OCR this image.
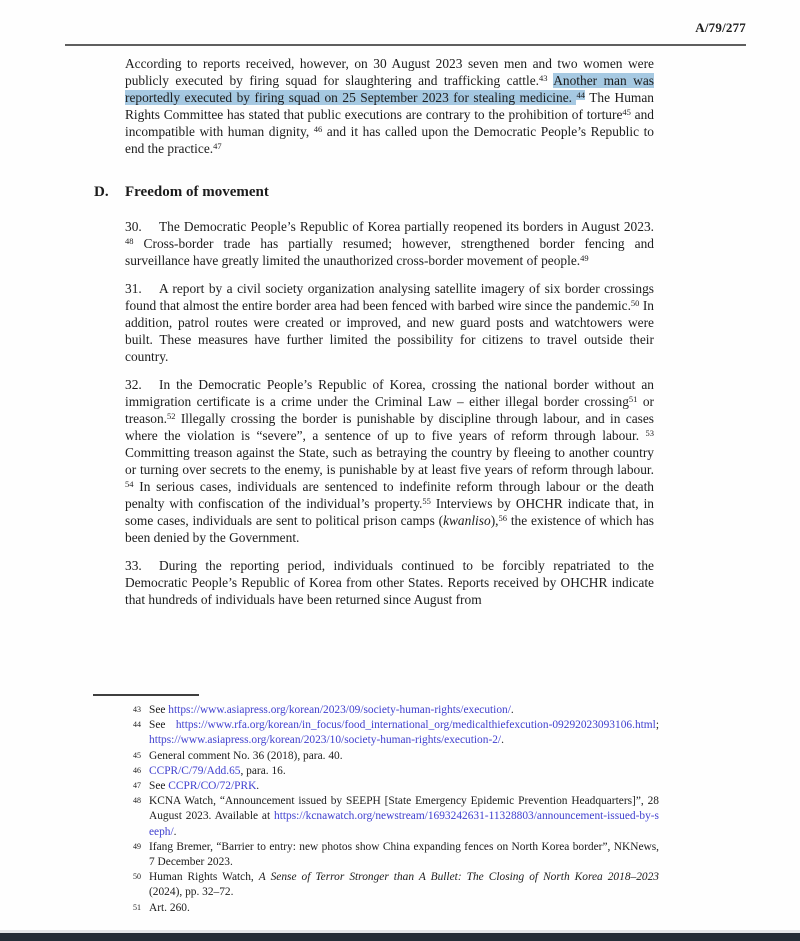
A/79/277

According to reports received, however, on 30 August 2023 seven men and two women were publicly executed by firing squad for slaughtering and trafficking cattle.$^{43}$ Another man was reportedly executed by firing squad on 25 September 2023 for stealing medicine. $^{44}$ The Human Rights Committee has stated that public executions are contrary to the prohibition of torture$^{45}$ and incompatible with human dignity, $^{46}$ and it has called upon the Democratic People’s Republic to end the practice.$^{47}$

D. Freedom of movement

30. The Democratic People’s Republic of Korea partially reopened its borders in August 2023. $^{48}$ Cross-border trade has partially resumed; however, strengthened border fencing and surveillance have greatly limited the unauthorized cross-border movement of people.$^{49}$

31. A report by a civil society organization analysing satellite imagery of six border crossings found that almost the entire border area had been fenced with barbed wire since the pandemic.$^{50}$ In addition, patrol routes were created or improved, and new guard posts and watchtowers were built. These measures have further limited the possibility for citizens to travel outside their country.

32. In the Democratic People’s Republic of Korea, crossing the national border without an immigration certificate is a crime under the Criminal Law – either illegal border crossing$^{51}$ or treason.$^{52}$ Illegally crossing the border is punishable by discipline through labour, and in cases where the violation is “severe”, a sentence of up to five years of reform through labour. $^{53}$ Committing treason against the State, such as betraying the country by fleeing to another country or turning over secrets to the enemy, is punishable by at least five years of reform through labour. $^{54}$ In serious cases, individuals are sentenced to indefinite reform through labour or the death penalty with confiscation of the individual’s property.$^{55}$ Interviews by OHCHR indicate that, in some cases, individuals are sent to political prison camps (kwanliso),$^{56}$ the existence of which has been denied by the Government.

33. During the reporting period, individuals continued to be forcibly repatriated to the Democratic People’s Republic of Korea from other States. Reports received by OHCHR indicate that hundreds of individuals have been returned since August from

43 See https://www.asiapress.org/korean/2023/09/society-human-rights/execution/.
44 See https://www.rfa.org/korean/in_focus/food_international_org/medicalthiefexcution-09292023093106.html; https://www.asiapress.org/korean/2023/10/society-human-rights/execution-2/.
45 General comment No. 36 (2018), para. 40.
46 CCPR/C/79/Add.65, para. 16.
47 See CCPR/CO/72/PRK.
48 KCNA Watch, “Announcement issued by SEEPH [State Emergency Epidemic Prevention Headquarters]”, 28 August 2023. Available at https://kcnawatch.org/newstream/1693242631-11328803/announcement-issued-by-seeph/.
49 Ifang Bremer, “Barrier to entry: new photos show China expanding fences on North Korea border”, NKNews, 7 December 2023.
50 Human Rights Watch, A Sense of Terror Stronger than A Bullet: The Closing of North Korea 2018–2023 (2024), pp. 32–72.
51 Art. 260.
